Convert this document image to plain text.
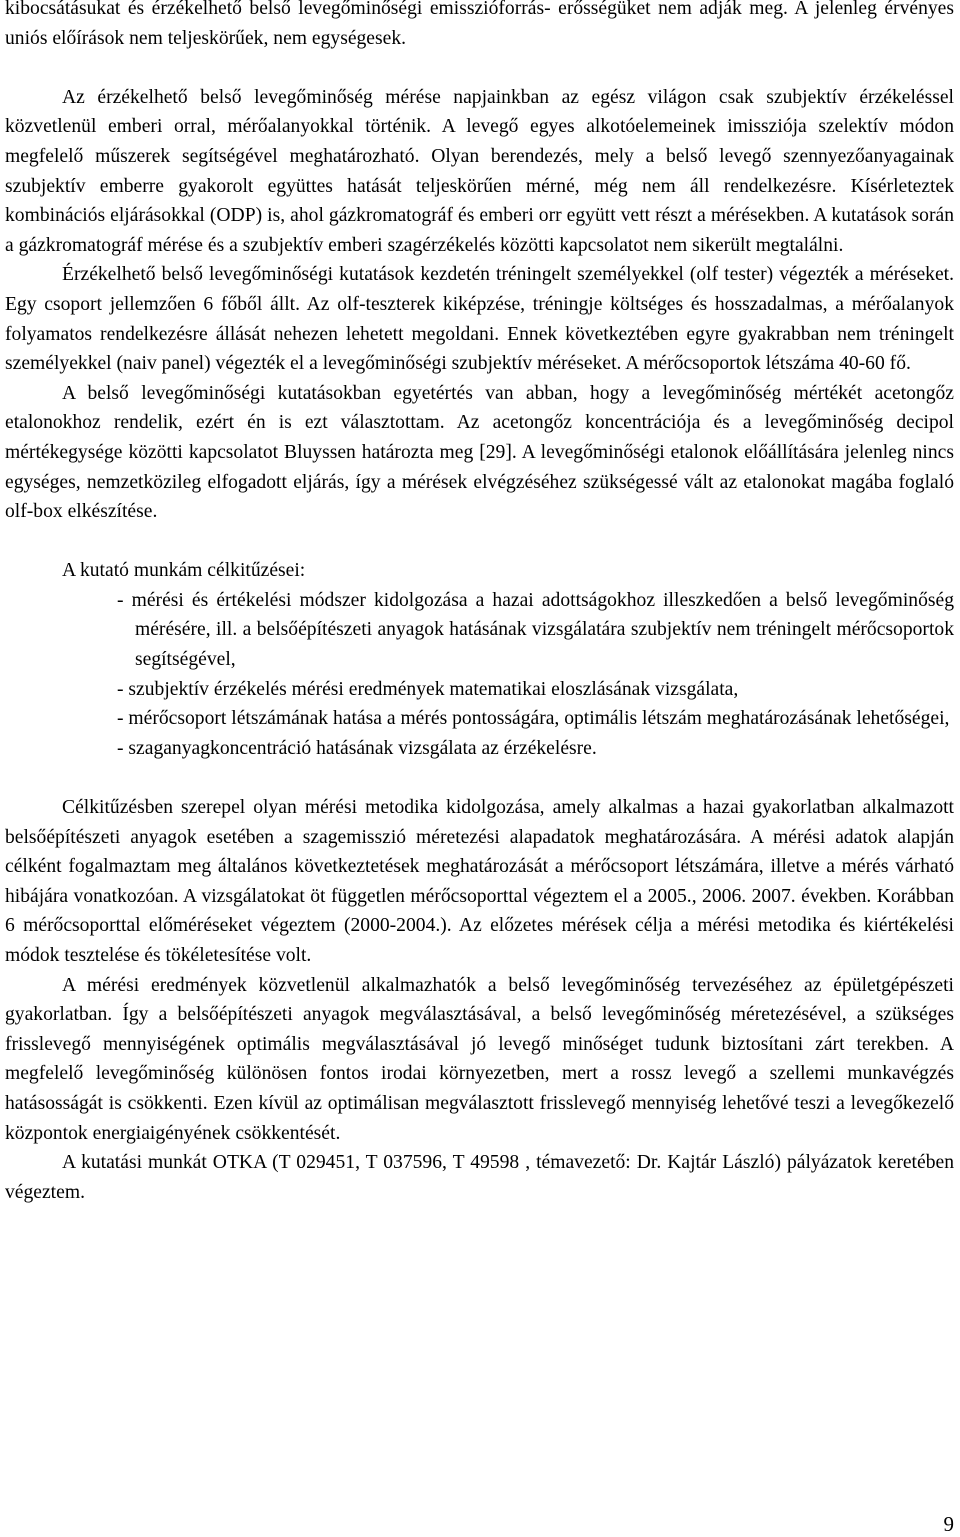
kibocsátásukat és érzékelhető belső levegőminőségi emisszióforrás- erősségüket nem adják meg. A jelenleg érvényes uniós előírások nem teljeskörűek, nem egységesek.

Az érzékelhető belső levegőminőség mérése napjainkban az egész világon csak szubjektív érzékeléssel közvetlenül emberi orral, mérőalanyokkal történik. A levegő egyes alkotóelemeinek imissziója szelektív módon megfelelő műszerek segítségével meghatározható. Olyan berendezés, mely a belső levegő szennyezőanyagainak szubjektív emberre gyakorolt együttes hatását teljeskörűen mérné, még nem áll rendelkezésre. Kísérleteztek kombinációs eljárásokkal (ODP) is, ahol gázkromatográf és emberi orr együtt vett részt a mérésekben. A kutatások során a gázkromatográf mérése és a szubjektív emberi szagérzékelés közötti kapcsolatot nem sikerült megtalálni.

Érzékelhető belső levegőminőségi kutatások kezdetén tréningelt személyekkel (olf tester) végezték a méréseket. Egy csoport jellemzően 6 főből állt. Az olf-teszterek kiképzése, tréningje költséges és hosszadalmas, a mérőalanyok folyamatos rendelkezésre állását nehezen lehetett megoldani. Ennek következtében egyre gyakrabban nem tréningelt személyekkel (naiv panel) végezték el a levegőminőségi szubjektív méréseket. A mérőcsoportok létszáma 40-60 fő.

A belső levegőminőségi kutatásokban egyetértés van abban, hogy a levegőminőség mértékét acetongőz etalonokhoz rendelik, ezért én is ezt választottam. Az acetongőz koncentrációja és a levegőminőség decipol mértékegysége közötti kapcsolatot Bluyssen határozta meg [29]. A levegőminőségi etalonok előállítására jelenleg nincs egységes, nemzetközileg elfogadott eljárás, így a mérések elvégzéséhez szükségessé vált az etalonokat magába foglaló olf-box elkészítése.

A kutató munkám célkitűzései:

- mérési és értékelési módszer kidolgozása a hazai adottságokhoz illeszkedően a belső levegőminőség mérésére, ill. a belsőépítészeti anyagok hatásának vizsgálatára szubjektív nem tréningelt mérőcsoportok segítségével,
- szubjektív érzékelés mérési eredmények matematikai eloszlásának vizsgálata,
- mérőcsoport létszámának hatása a mérés pontosságára, optimális létszám meghatározásának lehetőségei,
- szaganyagkoncentráció hatásának vizsgálata az érzékelésre.

Célkitűzésben szerepel olyan mérési metodika kidolgozása, amely alkalmas a hazai gyakorlatban alkalmazott belsőépítészeti anyagok esetében a szagemisszió méretezési alapadatok meghatározására. A mérési adatok alapján célként fogalmaztam meg általános következtetések meghatározását a mérőcsoport létszámára, illetve a mérés várható hibájára vonatkozóan. A vizsgálatokat öt független mérőcsoporttal végeztem el a 2005., 2006. 2007. években. Korábban 6 mérőcsoporttal előméréseket végeztem (2000-2004.). Az előzetes mérések célja a mérési metodika és kiértékelési módok tesztelése és tökéletesítése volt.

A mérési eredmények közvetlenül alkalmazhatók a belső levegőminőség tervezéséhez az épületgépészeti gyakorlatban. Így a belsőépítészeti anyagok megválasztásával, a belső levegőminőség méretezésével, a szükséges frisslevegő mennyiségének optimális megválasztásával jó levegő minőséget tudunk biztosítani zárt terekben. A megfelelő levegőminőség különösen fontos irodai környezetben, mert a rossz levegő a szellemi munkavégzés hatásosságát is csökkenti. Ezen kívül az optimálisan megválasztott frisslevegő mennyiség lehetővé teszi a levegőkezelő központok energiaigényének csökkentését.

A kutatási munkát OTKA (T 029451, T 037596, T 49598 , témavezető: Dr. Kajtár László) pályázatok keretében végeztem.

9
